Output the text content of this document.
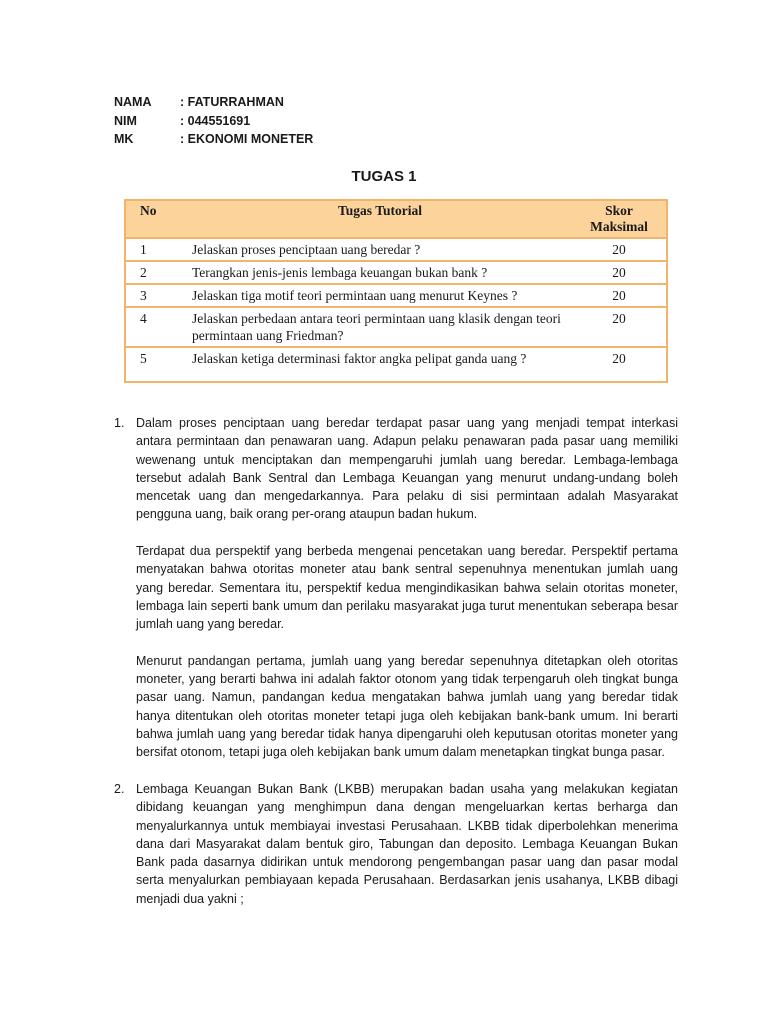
NAMA	: FATURRAHMAN
NIM	: 044551691
MK	: EKONOMI MONETER
TUGAS 1
No	Tugas Tutorial	Skor Maksimal
1	Jelaskan proses penciptaan uang beredar ?	20
2	Terangkan jenis-jenis lembaga keuangan bukan bank ?	20
3	Jelaskan tiga motif teori permintaan uang menurut Keynes ?	20
4	Jelaskan perbedaan antara teori permintaan uang klasik dengan teori permintaan uang Friedman?	20
5	Jelaskan ketiga determinasi faktor angka pelipat ganda uang ?	20
1. Dalam proses penciptaan uang beredar terdapat pasar uang yang menjadi tempat interkasi antara permintaan dan penawaran uang. Adapun pelaku penawaran pada pasar uang memiliki wewenang untuk menciptakan dan mempengaruhi jumlah uang beredar. Lembaga-lembaga tersebut adalah Bank Sentral dan Lembaga Keuangan yang menurut undang-undang boleh mencetak uang dan mengedarkannya. Para pelaku di sisi permintaan adalah Masyarakat pengguna uang, baik orang per-orang ataupun badan hukum.

Terdapat dua perspektif yang berbeda mengenai pencetakan uang beredar. Perspektif pertama menyatakan bahwa otoritas moneter atau bank sentral sepenuhnya menentukan jumlah uang yang beredar. Sementara itu, perspektif kedua mengindikasikan bahwa selain otoritas moneter, lembaga lain seperti bank umum dan perilaku masyarakat juga turut menentukan seberapa besar jumlah uang yang beredar.

Menurut pandangan pertama, jumlah uang yang beredar sepenuhnya ditetapkan oleh otoritas moneter, yang berarti bahwa ini adalah faktor otonom yang tidak terpengaruh oleh tingkat bunga pasar uang. Namun, pandangan kedua mengatakan bahwa jumlah uang yang beredar tidak hanya ditentukan oleh otoritas moneter tetapi juga oleh kebijakan bank-bank umum. Ini berarti bahwa jumlah uang yang beredar tidak hanya dipengaruhi oleh keputusan otoritas moneter yang bersifat otonom, tetapi juga oleh kebijakan bank umum dalam menetapkan tingkat bunga pasar.

2. Lembaga Keuangan Bukan Bank (LKBB) merupakan badan usaha yang melakukan kegiatan dibidang keuangan yang menghimpun dana dengan mengeluarkan kertas berharga dan menyalurkannya untuk membiayai investasi Perusahaan. LKBB tidak diperbolehkan menerima dana dari Masyarakat dalam bentuk giro, Tabungan dan deposito. Lembaga Keuangan Bukan Bank pada dasarnya didirikan untuk mendorong pengembangan pasar uang dan pasar modal serta menyalurkan pembiayaan kepada Perusahaan. Berdasarkan jenis usahanya, LKBB dibagi menjadi dua yakni ;
